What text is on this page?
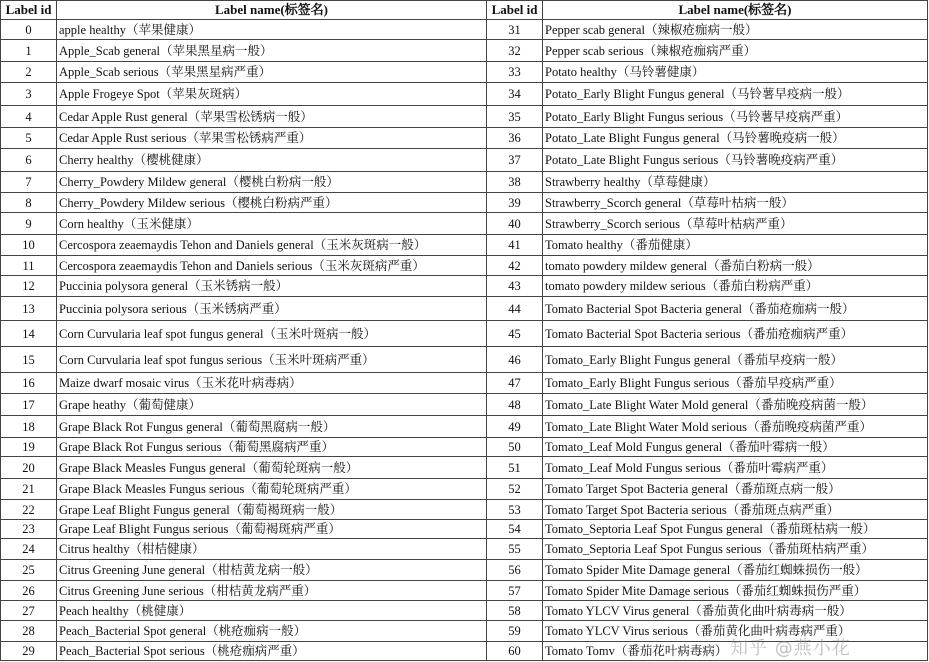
Label id	Label name(标签名)	Label id	Label name(标签名)
0	apple healthy（苹果健康）	31	Pepper scab general（辣椒疮痂病一般）
1	Apple_Scab general（苹果黑星病一般）	32	Pepper scab serious（辣椒疮痂病严重）
2	Apple_Scab serious（苹果黑星病严重）	33	Potato healthy（马铃薯健康）
3	Apple Frogeye Spot（苹果灰斑病）	34	Potato_Early Blight Fungus general（马铃薯早疫病一般）
4	Cedar Apple Rust general（苹果雪松锈病一般）	35	Potato_Early Blight Fungus serious（马铃薯早疫病严重）
5	Cedar Apple Rust serious（苹果雪松锈病严重）	36	Potato_Late Blight Fungus general（马铃薯晚疫病一般）
6	Cherry healthy（樱桃健康）	37	Potato_Late Blight Fungus serious（马铃薯晚疫病严重）
7	Cherry_Powdery Mildew general（樱桃白粉病一般）	38	Strawberry healthy（草莓健康）
8	Cherry_Powdery Mildew serious（樱桃白粉病严重）	39	Strawberry_Scorch general（草莓叶枯病一般）
9	Corn healthy（玉米健康）	40	Strawberry_Scorch serious（草莓叶枯病严重）
10	Cercospora zeaemaydis Tehon and Daniels general（玉米灰斑病一般）	41	Tomato healthy（番茄健康）
11	Cercospora zeaemaydis Tehon and Daniels serious（玉米灰斑病严重）	42	tomato powdery mildew general（番茄白粉病一般）
12	Puccinia polysora general（玉米锈病一般）	43	tomato powdery mildew serious（番茄白粉病严重）
13	Puccinia polysora serious（玉米锈病严重）	44	Tomato Bacterial Spot Bacteria general（番茄疮痂病一般）
14	Corn Curvularia leaf spot fungus general（玉米叶斑病一般）	45	Tomato Bacterial Spot Bacteria serious（番茄疮痂病严重）
15	Corn Curvularia leaf spot fungus serious（玉米叶斑病严重）	46	Tomato_Early Blight Fungus general（番茄早疫病一般）
16	Maize dwarf mosaic virus（玉米花叶病毒病）	47	Tomato_Early Blight Fungus serious（番茄早疫病严重）
17	Grape heathy（葡萄健康）	48	Tomato_Late Blight Water Mold general（番茄晚疫病菌一般）
18	Grape Black Rot Fungus general（葡萄黑腐病一般）	49	Tomato_Late Blight Water Mold serious（番茄晚疫病菌严重）
19	Grape Black Rot Fungus serious（葡萄黑腐病严重）	50	Tomato_Leaf Mold Fungus general（番茄叶霉病一般）
20	Grape Black Measles Fungus general（葡萄轮斑病一般）	51	Tomato_Leaf Mold Fungus serious（番茄叶霉病严重）
21	Grape Black Measles Fungus serious（葡萄轮斑病严重）	52	Tomato Target Spot Bacteria general（番茄斑点病一般）
22	Grape Leaf Blight Fungus general（葡萄褐斑病一般）	53	Tomato Target Spot Bacteria serious（番茄斑点病严重）
23	Grape Leaf Blight Fungus serious（葡萄褐斑病严重）	54	Tomato_Septoria Leaf Spot Fungus general（番茄斑枯病一般）
24	Citrus healthy（柑桔健康）	55	Tomato_Septoria Leaf Spot Fungus serious（番茄斑枯病严重）
25	Citrus Greening June general（柑桔黄龙病一般）	56	Tomato Spider Mite Damage general（番茄红蜘蛛损伤一般）
26	Citrus Greening June serious（柑桔黄龙病严重）	57	Tomato Spider Mite Damage serious（番茄红蜘蛛损伤严重）
27	Peach healthy（桃健康）	58	Tomato YLCV Virus general（番茄黄化曲叶病毒病一般）
28	Peach_Bacterial Spot general（桃疮痂病一般）	59	Tomato YLCV Virus serious（番茄黄化曲叶病毒病严重）
29	Peach_Bacterial Spot serious（桃疮痂病严重）	60	Tomato Tomv（番茄花叶病毒病） 知乎 @燕小花
